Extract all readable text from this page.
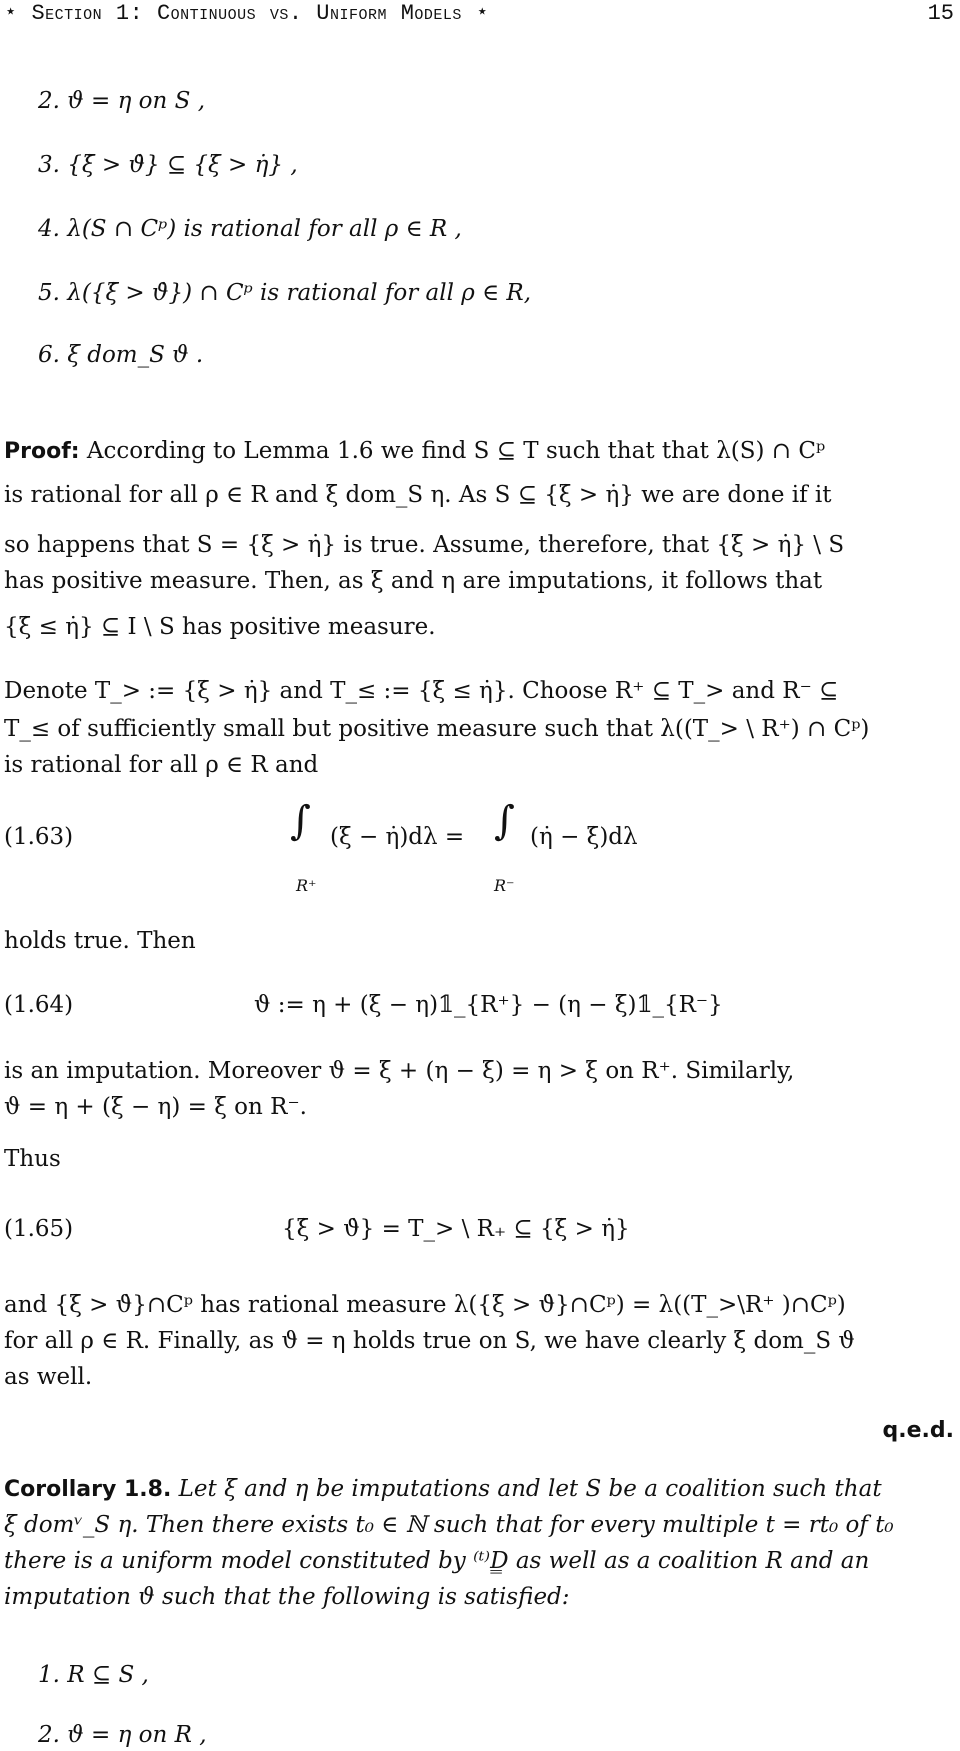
⋆ Section 1: Continuous vs. Uniform Models ⋆	15
2. ϑ = η on S ,
3. {ξ̇ > ϑ̇} ⊆ {ξ̇ > η̇} ,
4. λ(S ∩ Cᵖ) is rational for all ρ ∈ R ,
5. λ({ξ̇ > ϑ̇}) ∩ Cᵖ is rational for all ρ ∈ R,
6. ξ dom_S ϑ .
Proof: According to Lemma 1.6 we find S ⊆ T such that that λ(S) ∩ Cᵖ
is rational for all ρ ∈ R and ξ dom_S η. As S ⊆ {ξ̇ > η̇} we are done if it
so happens that S = {ξ̇ > η̇} is true. Assume, therefore, that {ξ̇ > η̇} \ S
has positive measure. Then, as ξ and η are imputations, it follows that
{ξ̇ ≤ η̇} ⊆ I \ S has positive measure.
Denote T_> := {ξ̇ > η̇} and T_≤ := {ξ̇ ≤ η̇}. Choose R⁺ ⊆ T_> and R⁻ ⊆
T_≤ of sufficiently small but positive measure such that λ((T_> \ R⁺) ∩ Cᵖ)
is rational for all ρ ∈ R and
(1.63)	∫ (ξ̇ − η̇)dλ =
R⁺
∫ (η̇ − ξ̇)dλ
R⁻
holds true. Then
(1.64)	ϑ := η + (ξ − η)𝟙_{R⁺} − (η − ξ)𝟙_{R⁻}
is an imputation. Moreover ϑ = ξ + (η − ξ) = η > ξ on R⁺. Similarly,
ϑ = η + (ξ − η) = ξ on R⁻.
Thus
(1.65)	{ξ̇ > ϑ̇} = T_> \ R₊ ⊆ {ξ̇ > η̇}
and {ξ̇ > ϑ̇}∩Cᵖ has rational measure λ({ξ̇ > ϑ̇}∩Cᵖ) = λ((T_>\R⁺ )∩Cᵖ)
for all ρ ∈ R. Finally, as ϑ = η holds true on S, we have clearly ξ dom_S ϑ
as well.
q.e.d.
Corollary 1.8. Let ξ and η be imputations and let S be a coalition such that
ξ domᵛ_S η. Then there exists t₀ ∈ ℕ such that for every multiple t = rt₀ of t₀
there is a uniform model constituted by ⁽ᵗ⁾D̳ as well as a coalition R and an
imputation ϑ such that the following is satisfied:
1. R ⊆ S ,
2. ϑ = η on R ,
